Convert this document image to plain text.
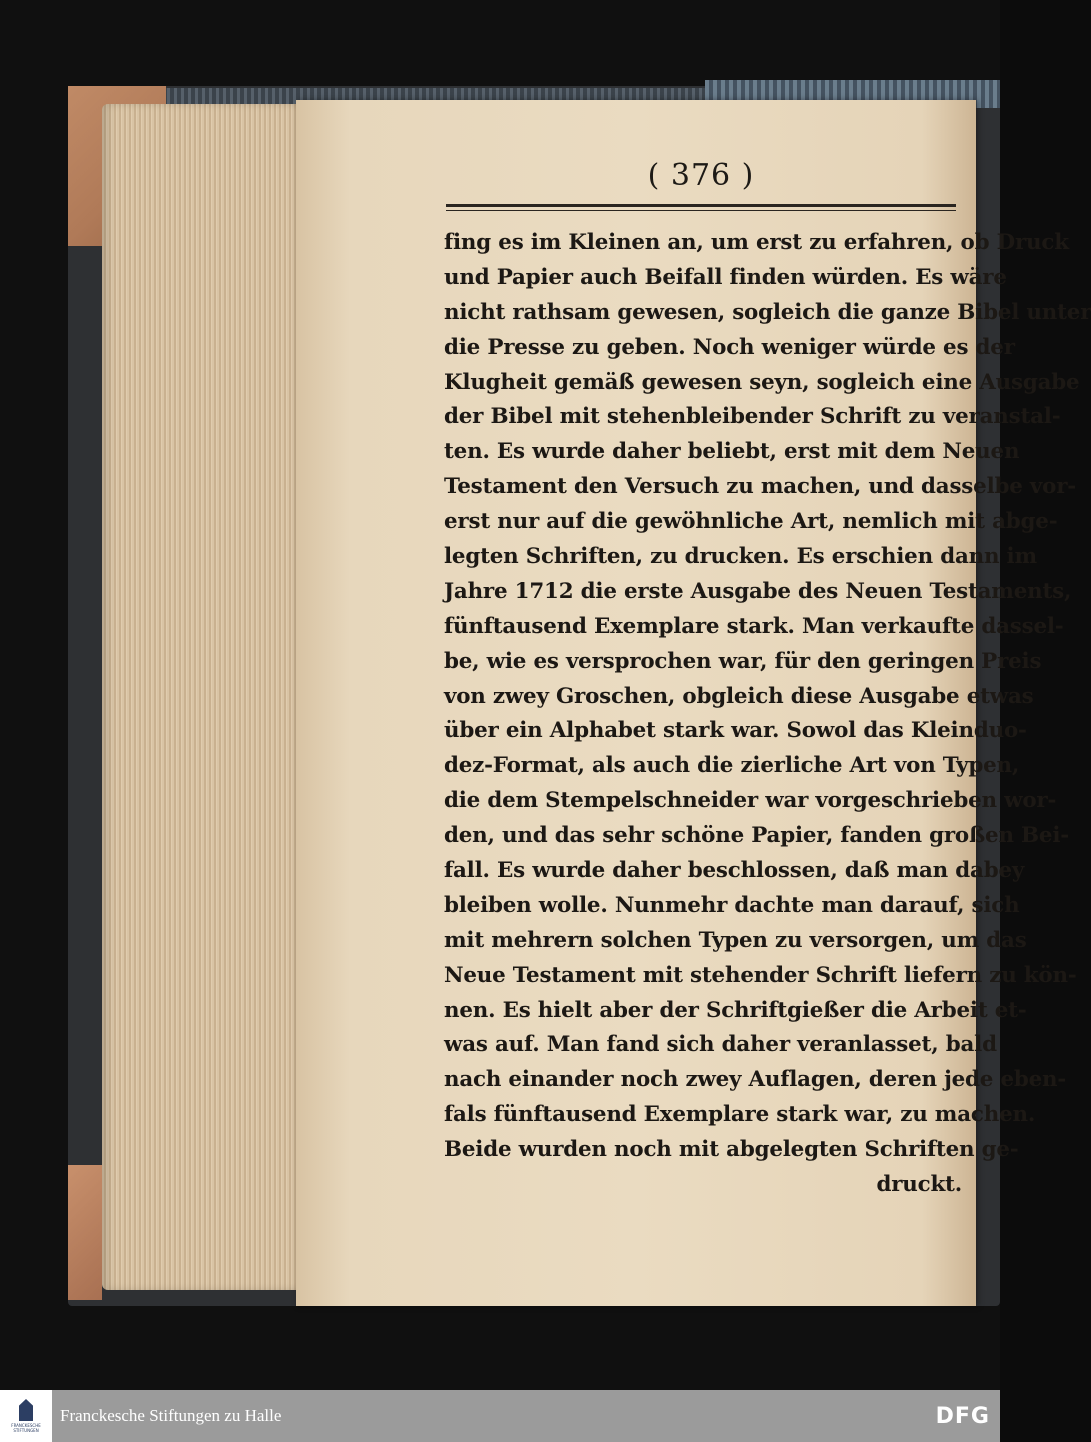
( 376 )
fing es im Kleinen an, um erst zu erfahren, ob Druck
und Papier auch Beifall finden würden. Es wäre
nicht rathsam gewesen, sogleich die ganze Bibel unter
die Presse zu geben. Noch weniger würde es der
Klugheit gemäß gewesen seyn, sogleich eine Ausgabe
der Bibel mit stehenbleibender Schrift zu veranstal-
ten. Es wurde daher beliebt, erst mit dem Neuen
Testament den Versuch zu machen, und dasselbe vor-
erst nur auf die gewöhnliche Art, nemlich mit abge-
legten Schriften, zu drucken. Es erschien dann im
Jahre 1712 die erste Ausgabe des Neuen Testaments,
fünftausend Exemplare stark. Man verkaufte dassel-
be, wie es versprochen war, für den geringen Preis
von zwey Groschen, obgleich diese Ausgabe etwas
über ein Alphabet stark war. Sowol das Kleinduo-
dez-Format, als auch die zierliche Art von Typen,
die dem Stempelschneider war vorgeschrieben wor-
den, und das sehr schöne Papier, fanden großen Bei-
fall. Es wurde daher beschlossen, daß man dabey
bleiben wolle. Nunmehr dachte man darauf, sich
mit mehrern solchen Typen zu versorgen, um das
Neue Testament mit stehender Schrift liefern zu kön-
nen. Es hielt aber der Schriftgießer die Arbeit et-
was auf. Man fand sich daher veranlasset, bald
nach einander noch zwey Auflagen, deren jede eben-
fals fünftausend Exemplare stark war, zu machen.
Beide wurden noch mit abgelegten Schriften ge-
druckt.
FRANCKESCHE STIFTUNGEN
Franckesche Stiftungen zu Halle	DFG
